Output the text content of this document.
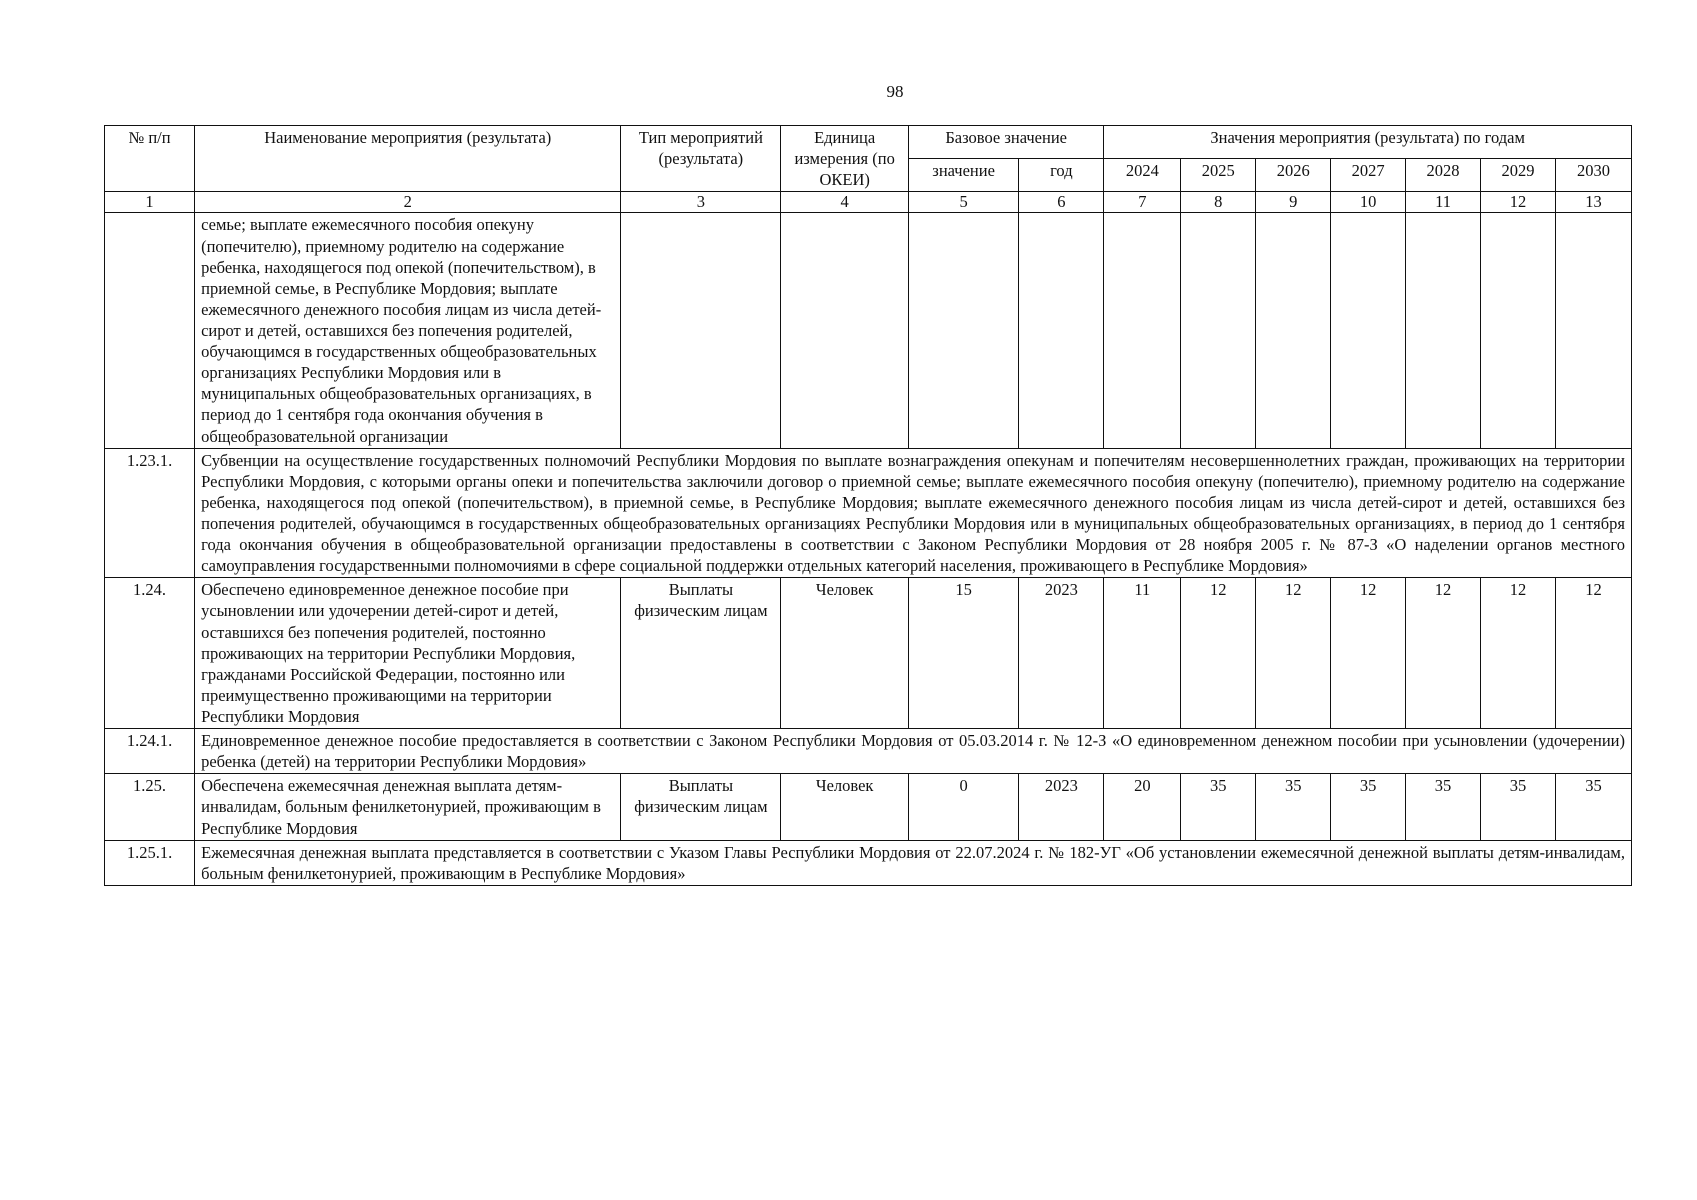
98
№ п/п	Наименование мероприятия (результата)	Тип мероприятий (результата)	Единица измерения (по ОКЕИ)	Базовое значение		Значения мероприятия (результата) по годам						
				значение	год	2024	2025	2026	2027	2028	2029	2030
1	2	3	4	5	6	7	8	9	10	11	12	13
	семье; выплате ежемесячного пособия опекуну (попечителю), приемному родителю на содержание ребенка, находящегося под опекой (попечительством), в приемной семье, в Республике Мордовия; выплате ежемесячного денежного пособия лицам из числа детей-сирот и детей, оставшихся без попечения родителей, обучающимся в государственных общеобразовательных организациях Республики Мордовия или в муниципальных общеобразовательных организациях, в период до 1 сентября года окончания обучения в общеобразовательной организации											
1.23.1.	Субвенции на осуществление государственных полномочий Республики Мордовия по выплате вознаграждения опекунам и попечителям несовершеннолетних граждан, проживающих на территории Республики Мордовия, с которыми органы опеки и попечительства заключили договор о приемной семье; выплате ежемесячного пособия опекуну (попечителю), приемному родителю на содержание ребенка, находящегося под опекой (попечительством), в приемной семье, в Республике Мордовия; выплате ежемесячного денежного пособия лицам из числа детей-сирот и детей, оставшихся без попечения родителей, обучающимся в государственных общеобразовательных организациях Республики Мордовия или в муниципальных общеобразовательных организациях, в период до 1 сентября года окончания обучения в общеобразовательной организации предоставлены в соответствии с Законом Республики Мордовия от 28 ноября 2005 г. № 87-З «О наделении органов местного самоуправления государственными полномочиями в сфере социальной поддержки отдельных категорий населения, проживающего в Республике Мордовия»											
1.24.	Обеспечено единовременное денежное пособие при усыновлении или удочерении детей-сирот и детей, оставшихся без попечения родителей, постоянно проживающих на территории Республики Мордовия, гражданами Российской Федерации, постоянно или преимущественно проживающими на территории Республики Мордовия	Выплаты физическим лицам	Человек	15	2023	11	12	12	12	12	12	12
1.24.1.	Единовременное денежное пособие предоставляется в соответствии с Законом Республики Мордовия от 05.03.2014 г. № 12-З «О единовременном денежном пособии при усыновлении (удочерении) ребенка (детей) на территории Республики Мордовия»											
1.25.	Обеспечена ежемесячная денежная выплата детям-инвалидам, больным фенилкетонурией, проживающим в Республике Мордовия	Выплаты физическим лицам	Человек	0	2023	20	35	35	35	35	35	35
1.25.1.	Ежемесячная денежная выплата представляется в соответствии с Указом Главы Республики Мордовия от 22.07.2024 г. № 182-УГ «Об установлении ежемесячной денежной выплаты детям-инвалидам, больным фенилкетонурией, проживающим в Республике Мордовия»											
